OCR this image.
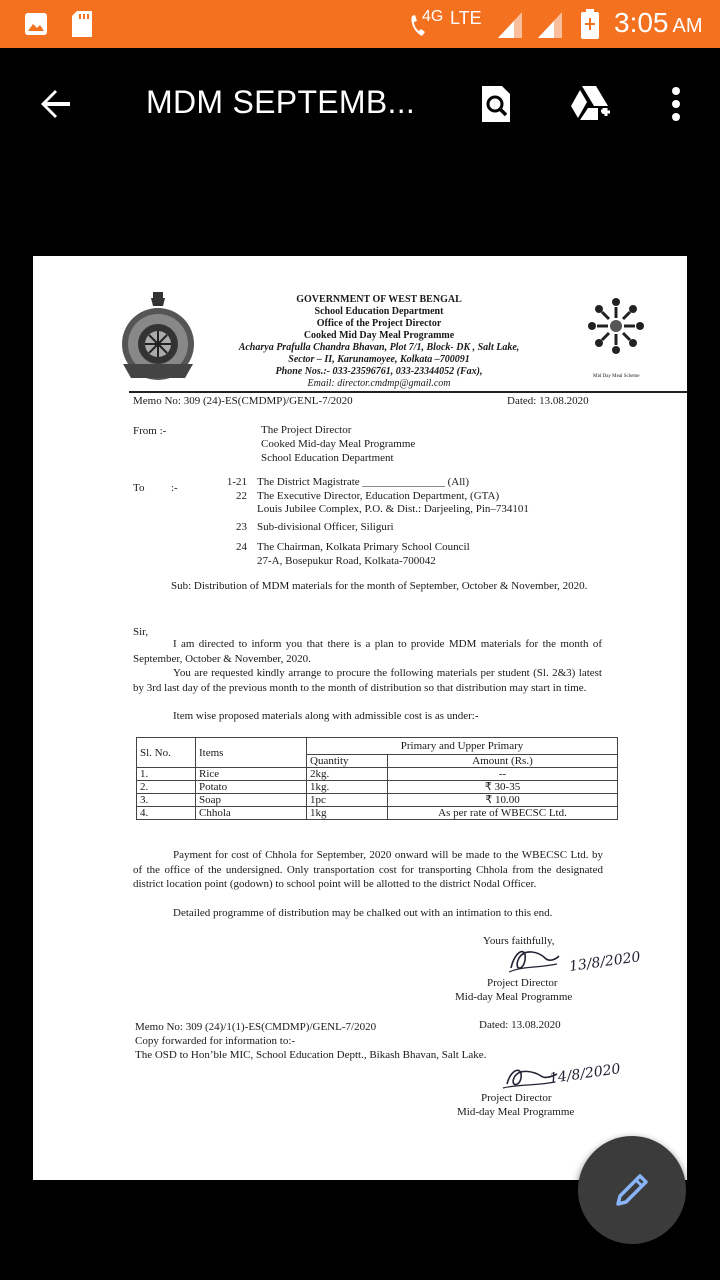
4G LTE	3:05 AM
MDM SEPTEMB...
Mid Day Meal Scheme
GOVERNMENT OF WEST BENGAL
School Education Department
Office of the Project Director
Cooked Mid Day Meal Programme
Acharya Prafulla Chandra Bhavan, Plot 7/1, Block- DK , Salt Lake,
Sector – II, Karunamoyee, Kolkata –700091
Phone Nos.:- 033-23596761, 033-23344052 (Fax),
Email: director.cmdmp@gmail.com
Memo No: 309 (24)-ES(CMDMP)/GENL-7/2020	Dated: 13.08.2020
From :-	The Project Director
Cooked Mid-day Meal Programme
School Education Department
To :-	1-21 The District Magistrate _______________ (All)
22 The Executive Director, Education Department, (GTA)
Louis Jubilee Complex, P.O. & Dist.: Darjeeling, Pin–734101
23 Sub-divisional Officer, Siliguri
24 The Chairman, Kolkata Primary School Council
27-A, Bosepukur Road, Kolkata-700042
Sub: Distribution of MDM materials for the month of September, October & November, 2020.
Sir,
I am directed to inform you that there is a plan to provide MDM materials for the month of September, October & November, 2020.
You are requested kindly arrange to procure the following materials per student (Sl. 2&3) latest by 3rd last day of the previous month to the month of distribution so that distribution may start in time.
Item wise proposed materials along with admissible cost is as under:-
Sl. No.	Items	Primary and Upper Primary	
		Quantity	Amount (Rs.)
1.	Rice	2kg.	--
2.	Potato	1kg.	₹ 30-35
3.	Soap	1pc	₹ 10.00
4.	Chhola	1kg	As per rate of WBECSC Ltd.
Payment for cost of Chhola for September, 2020 onward will be made to the WBECSC Ltd. by of the office of the undersigned. Only transportation cost for transporting Chhola from the designated district location point (godown) to school point will be allotted to the district Nodal Officer.
Detailed programme of distribution may be chalked out with an intimation to this end.
Yours faithfully,
13/8/2020
Project Director
Mid-day Meal Programme
Memo No: 309 (24)/1(1)-ES(CMDMP)/GENL-7/2020	Dated: 13.08.2020
Copy forwarded for information to:-
The OSD to Hon’ble MIC, School Education Deptt., Bikash Bhavan, Salt Lake.
14/8/2020
Project Director
Mid-day Meal Programme
